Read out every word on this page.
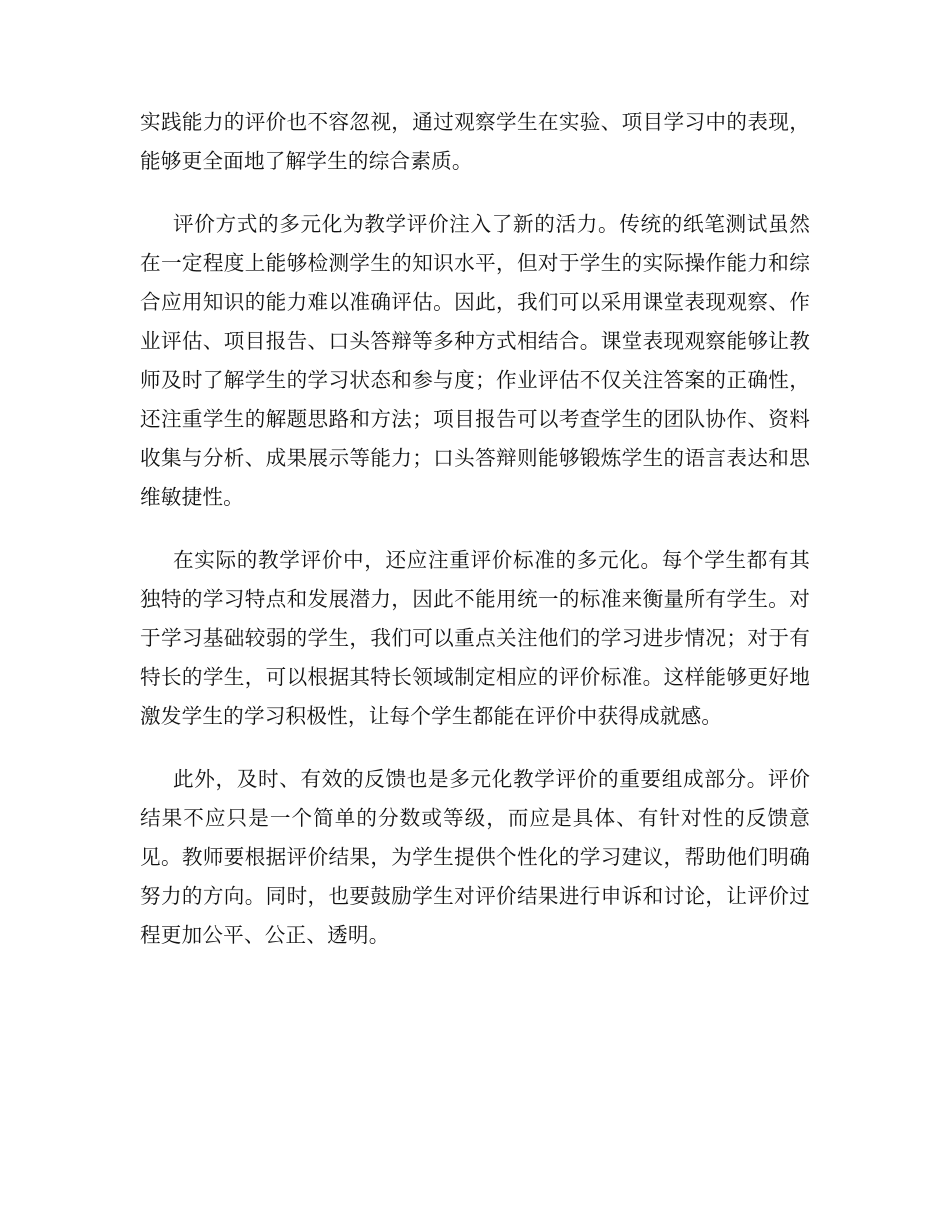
实践能力的评价也不容忽视，通过观察学生在实验、项目学习中的表现，能够更全面地了解学生的综合素质。

评价方式的多元化为教学评价注入了新的活力。传统的纸笔测试虽然在一定程度上能够检测学生的知识水平，但对于学生的实际操作能力和综合应用知识的能力难以准确评估。因此，我们可以采用课堂表现观察、作业评估、项目报告、口头答辩等多种方式相结合。课堂表现观察能够让教师及时了解学生的学习状态和参与度；作业评估不仅关注答案的正确性，还注重学生的解题思路和方法；项目报告可以考查学生的团队协作、资料收集与分析、成果展示等能力；口头答辩则能够锻炼学生的语言表达和思维敏捷性。

在实际的教学评价中，还应注重评价标准的多元化。每个学生都有其独特的学习特点和发展潜力，因此不能用统一的标准来衡量所有学生。对于学习基础较弱的学生，我们可以重点关注他们的学习进步情况；对于有特长的学生，可以根据其特长领域制定相应的评价标准。这样能够更好地激发学生的学习积极性，让每个学生都能在评价中获得成就感。

此外，及时、有效的反馈也是多元化教学评价的重要组成部分。评价结果不应只是一个简单的分数或等级，而应是具体、有针对性的反馈意见。教师要根据评价结果，为学生提供个性化的学习建议，帮助他们明确努力的方向。同时，也要鼓励学生对评价结果进行申诉和讨论，让评价过程更加公平、公正、透明。
